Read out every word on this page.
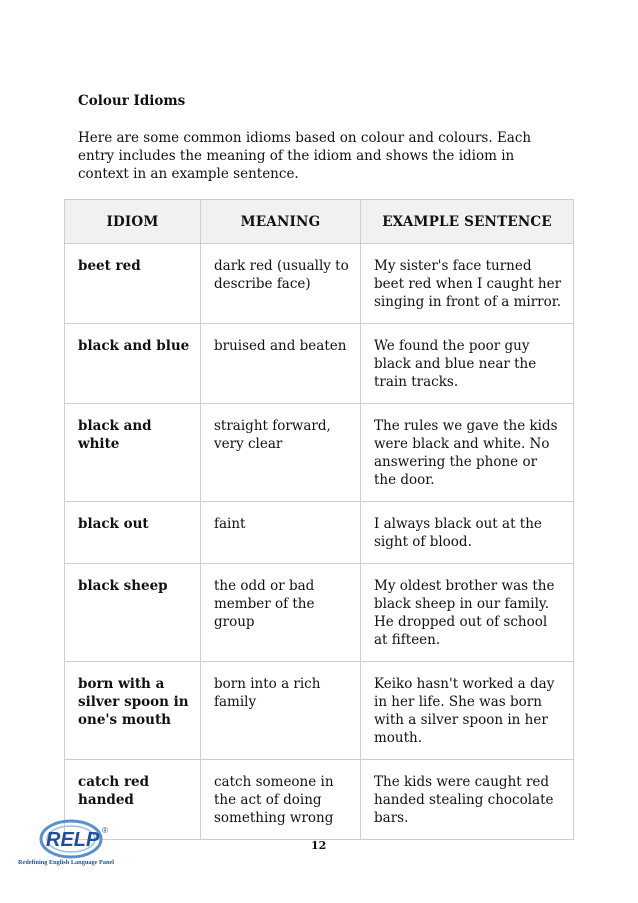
Colour Idioms
Here are some common idioms based on colour and colours. Each entry includes the meaning of the idiom and shows the idiom in context in an example sentence.
IDIOM	MEANING	EXAMPLE SENTENCE
beet red	dark red (usually to describe face)	My sister's face turned beet red when I caught her singing in front of a mirror.
black and blue	bruised and beaten	We found the poor guy black and blue near the train tracks.
black and white	straight forward, very clear	The rules we gave the kids were black and white. No answering the phone or the door.
black out	faint	I always black out at the sight of blood.
black sheep	the odd or bad member of the group	My oldest brother was the black sheep in our family. He dropped out of school at fifteen.
born with a silver spoon in one's mouth	born into a rich family	Keiko hasn't worked a day in her life. She was born with a silver spoon in her mouth.
catch red handed	catch someone in the act of doing something wrong	The kids were caught red handed stealing chocolate bars.
RELP ®
Redefining English Language Panel
12
